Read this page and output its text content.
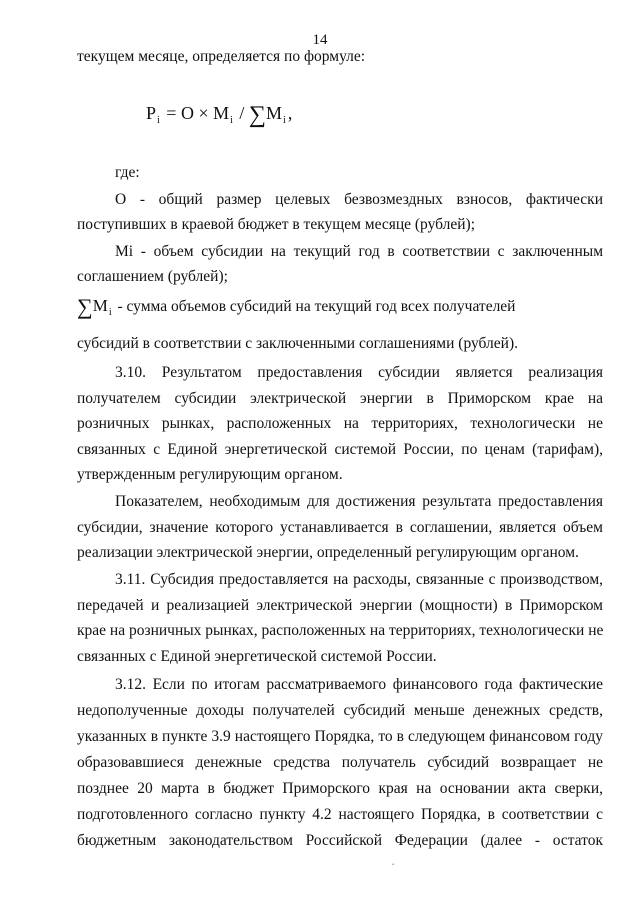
14
текущем месяце, определяется по формуле:
$P_i = O \times M_i / \sum M_i$ ,
где:
О - общий размер целевых безвозмездных взносов, фактически
поступивших в краевой бюджет в текущем месяце (рублей);
Mi - объем субсидии на текущий год в соответствии с заключенным
соглашением (рублей);
$\sum M_i$ - сумма объемов субсидий на текущий год всех получателей
субсидий в соответствии с заключенными соглашениями (рублей).
3.10. Результатом предоставления субсидии является реализация
получателем субсидии электрической энергии в Приморском крае на
розничных рынках, расположенных на территориях, технологически не
связанных с Единой энергетической системой России, по ценам (тарифам),
утвержденным регулирующим органом.
Показателем, необходимым для достижения результата предоставления
субсидии, значение которого устанавливается в соглашении, является объем
реализации электрической энергии, определенный регулирующим органом.
3.11. Субсидия предоставляется на расходы, связанные с производством,
передачей и реализацией электрической энергии (мощности) в Приморском
крае на розничных рынках, расположенных на территориях, технологически не
связанных с Единой энергетической системой России.
3.12. Если по итогам рассматриваемого финансового года фактические
недополученные доходы получателей субсидий меньше денежных средств,
указанных в пункте 3.9 настоящего Порядка, то в следующем финансовом году
образовавшиеся денежные средства получатель субсидий возвращает не
позднее 20 марта в бюджет Приморского края на основании акта сверки,
подготовленного согласно пункту 4.2 настоящего Порядка, в соответствии с
бюджетным законодательством Российской Федерации (далее - остаток
ʻ
